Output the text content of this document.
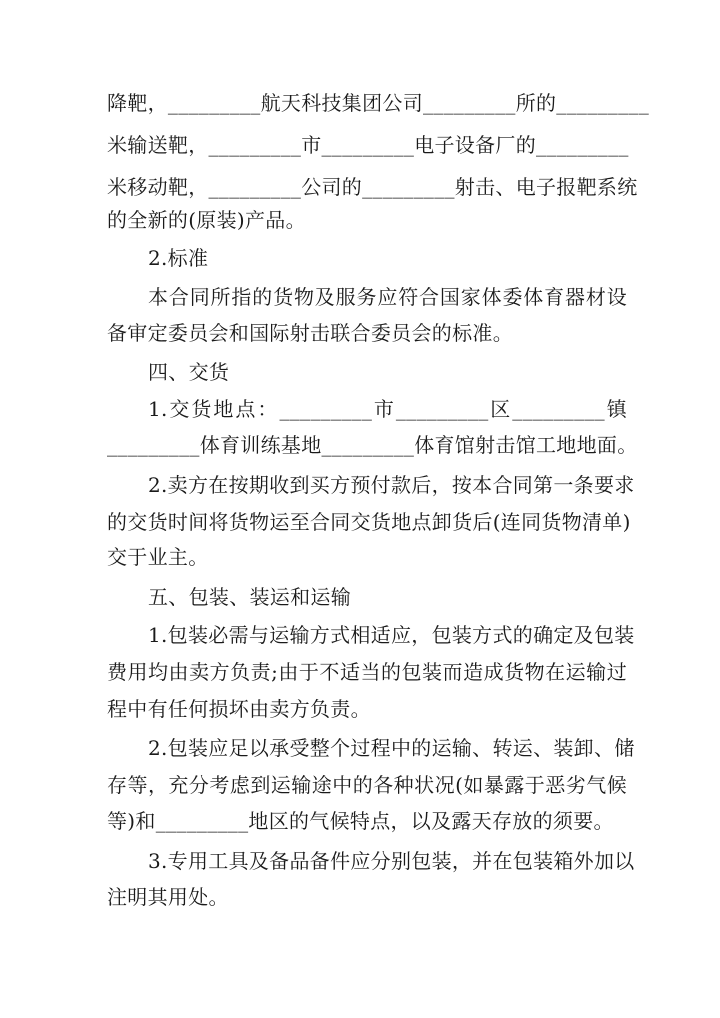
降靶，_________航天科技集团公司_________所的_________
米输送靶，_________市_________电子设备厂的_________
米移动靶，_________公司的_________射击、电子报靶系统
的全新的(原装)产品。
2.标准
本合同所指的货物及服务应符合国家体委体育器材设
备审定委员会和国际射击联合委员会的标准。
四、交货
1.交货地点：_________市_________区_________镇
_________体育训练基地_________体育馆射击馆工地地面。
2.卖方在按期收到买方预付款后，按本合同第一条要求
的交货时间将货物运至合同交货地点卸货后(连同货物清单)
交于业主。
五、包装、装运和运输
1.包装必需与运输方式相适应，包装方式的确定及包装
费用均由卖方负责;由于不适当的包装而造成货物在运输过
程中有任何损坏由卖方负责。
2.包装应足以承受整个过程中的运输、转运、装卸、储
存等，充分考虑到运输途中的各种状况(如暴露于恶劣气候
等)和_________地区的气候特点，以及露天存放的须要。
3.专用工具及备品备件应分别包装，并在包装箱外加以
注明其用处。
